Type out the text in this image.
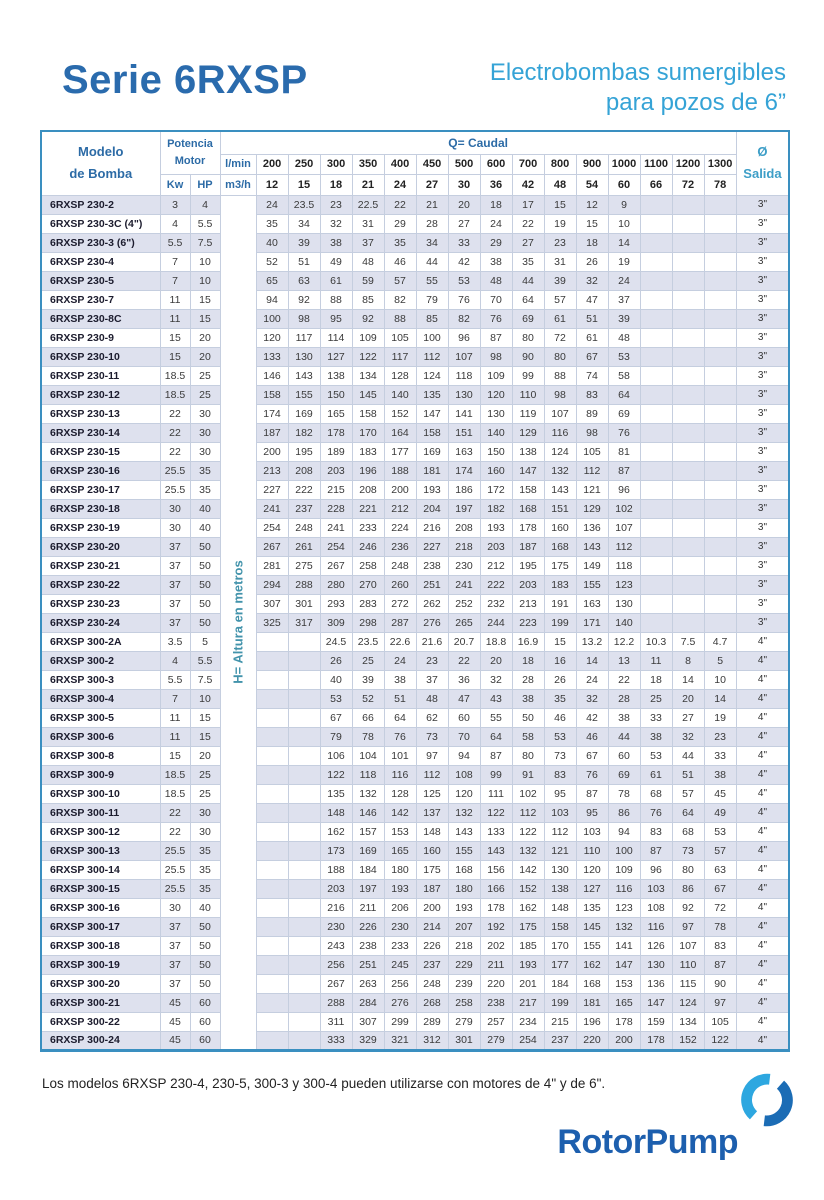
Serie 6RXSP	Electrobombas sumergibles
para pozos de 6”
Modelo
de Bomba	Potencia
Motor		Q= Caudal																Ø
Salida

			l/min	200	250	300	350	400	450	500	600	700	800	900	1000	1100	1200	1300	
	Kw	HP	m3/h	12	15	18	21	24	27	30	36	42	48	54	60	66	72	78	
6RXSP 230-2	3	4	H= Altura en metros	24	23.5	23	22.5	22	21	20	18	17	15	12	9				3"
6RXSP 230-3C (4")	4	5.5		35	34	32	31	29	28	27	24	22	19	15	10				3"
6RXSP 230-3 (6")	5.5	7.5		40	39	38	37	35	34	33	29	27	23	18	14				3"
6RXSP 230-4	7	10		52	51	49	48	46	44	42	38	35	31	26	19				3"
6RXSP 230-5	7	10		65	63	61	59	57	55	53	48	44	39	32	24				3"
6RXSP 230-7	11	15		94	92	88	85	82	79	76	70	64	57	47	37				3"
6RXSP 230-8C	11	15		100	98	95	92	88	85	82	76	69	61	51	39				3"
6RXSP 230-9	15	20		120	117	114	109	105	100	96	87	80	72	61	48				3"
6RXSP 230-10	15	20		133	130	127	122	117	112	107	98	90	80	67	53				3"
6RXSP 230-11	18.5	25		146	143	138	134	128	124	118	109	99	88	74	58				3"
6RXSP 230-12	18.5	25		158	155	150	145	140	135	130	120	110	98	83	64				3"
6RXSP 230-13	22	30		174	169	165	158	152	147	141	130	119	107	89	69				3"
6RXSP 230-14	22	30		187	182	178	170	164	158	151	140	129	116	98	76				3"
6RXSP 230-15	22	30		200	195	189	183	177	169	163	150	138	124	105	81				3"
6RXSP 230-16	25.5	35		213	208	203	196	188	181	174	160	147	132	112	87				3"
6RXSP 230-17	25.5	35		227	222	215	208	200	193	186	172	158	143	121	96				3"
6RXSP 230-18	30	40		241	237	228	221	212	204	197	182	168	151	129	102				3"
6RXSP 230-19	30	40		254	248	241	233	224	216	208	193	178	160	136	107				3"
6RXSP 230-20	37	50		267	261	254	246	236	227	218	203	187	168	143	112				3"
6RXSP 230-21	37	50		281	275	267	258	248	238	230	212	195	175	149	118				3"
6RXSP 230-22	37	50		294	288	280	270	260	251	241	222	203	183	155	123				3"
6RXSP 230-23	37	50		307	301	293	283	272	262	252	232	213	191	163	130				3"
6RXSP 230-24	37	50		325	317	309	298	287	276	265	244	223	199	171	140				3"
6RXSP 300-2A	3.5	5				24.5	23.5	22.6	21.6	20.7	18.8	16.9	15	13.2	12.2	10.3	7.5	4.7	4"
6RXSP 300-2	4	5.5				26	25	24	23	22	20	18	16	14	13	11	8	5	4"
6RXSP 300-3	5.5	7.5				40	39	38	37	36	32	28	26	24	22	18	14	10	4"
6RXSP 300-4	7	10				53	52	51	48	47	43	38	35	32	28	25	20	14	4"
6RXSP 300-5	11	15				67	66	64	62	60	55	50	46	42	38	33	27	19	4"
6RXSP 300-6	11	15				79	78	76	73	70	64	58	53	46	44	38	32	23	4"
6RXSP 300-8	15	20				106	104	101	97	94	87	80	73	67	60	53	44	33	4"
6RXSP 300-9	18.5	25				122	118	116	112	108	99	91	83	76	69	61	51	38	4"
6RXSP 300-10	18.5	25				135	132	128	125	120	111	102	95	87	78	68	57	45	4"
6RXSP 300-11	22	30				148	146	142	137	132	122	112	103	95	86	76	64	49	4"
6RXSP 300-12	22	30				162	157	153	148	143	133	122	112	103	94	83	68	53	4"
6RXSP 300-13	25.5	35				173	169	165	160	155	143	132	121	110	100	87	73	57	4"
6RXSP 300-14	25.5	35				188	184	180	175	168	156	142	130	120	109	96	80	63	4"
6RXSP 300-15	25.5	35				203	197	193	187	180	166	152	138	127	116	103	86	67	4"
6RXSP 300-16	30	40				216	211	206	200	193	178	162	148	135	123	108	92	72	4"
6RXSP 300-17	37	50				230	226	230	214	207	192	175	158	145	132	116	97	78	4"
6RXSP 300-18	37	50				243	238	233	226	218	202	185	170	155	141	126	107	83	4"
6RXSP 300-19	37	50				256	251	245	237	229	211	193	177	162	147	130	110	87	4"
6RXSP 300-20	37	50				267	263	256	248	239	220	201	184	168	153	136	115	90	4"
6RXSP 300-21	45	60				288	284	276	268	258	238	217	199	181	165	147	124	97	4"
6RXSP 300-22	45	60				311	307	299	289	279	257	234	215	196	178	159	134	105	4"
6RXSP 300-24	45	60				333	329	321	312	301	279	254	237	220	200	178	152	122	4"
Los modelos 6RXSP 230-4, 230-5, 300-3 y 300-4 pueden utilizarse con motores de 4" y de 6".
RotorPump
